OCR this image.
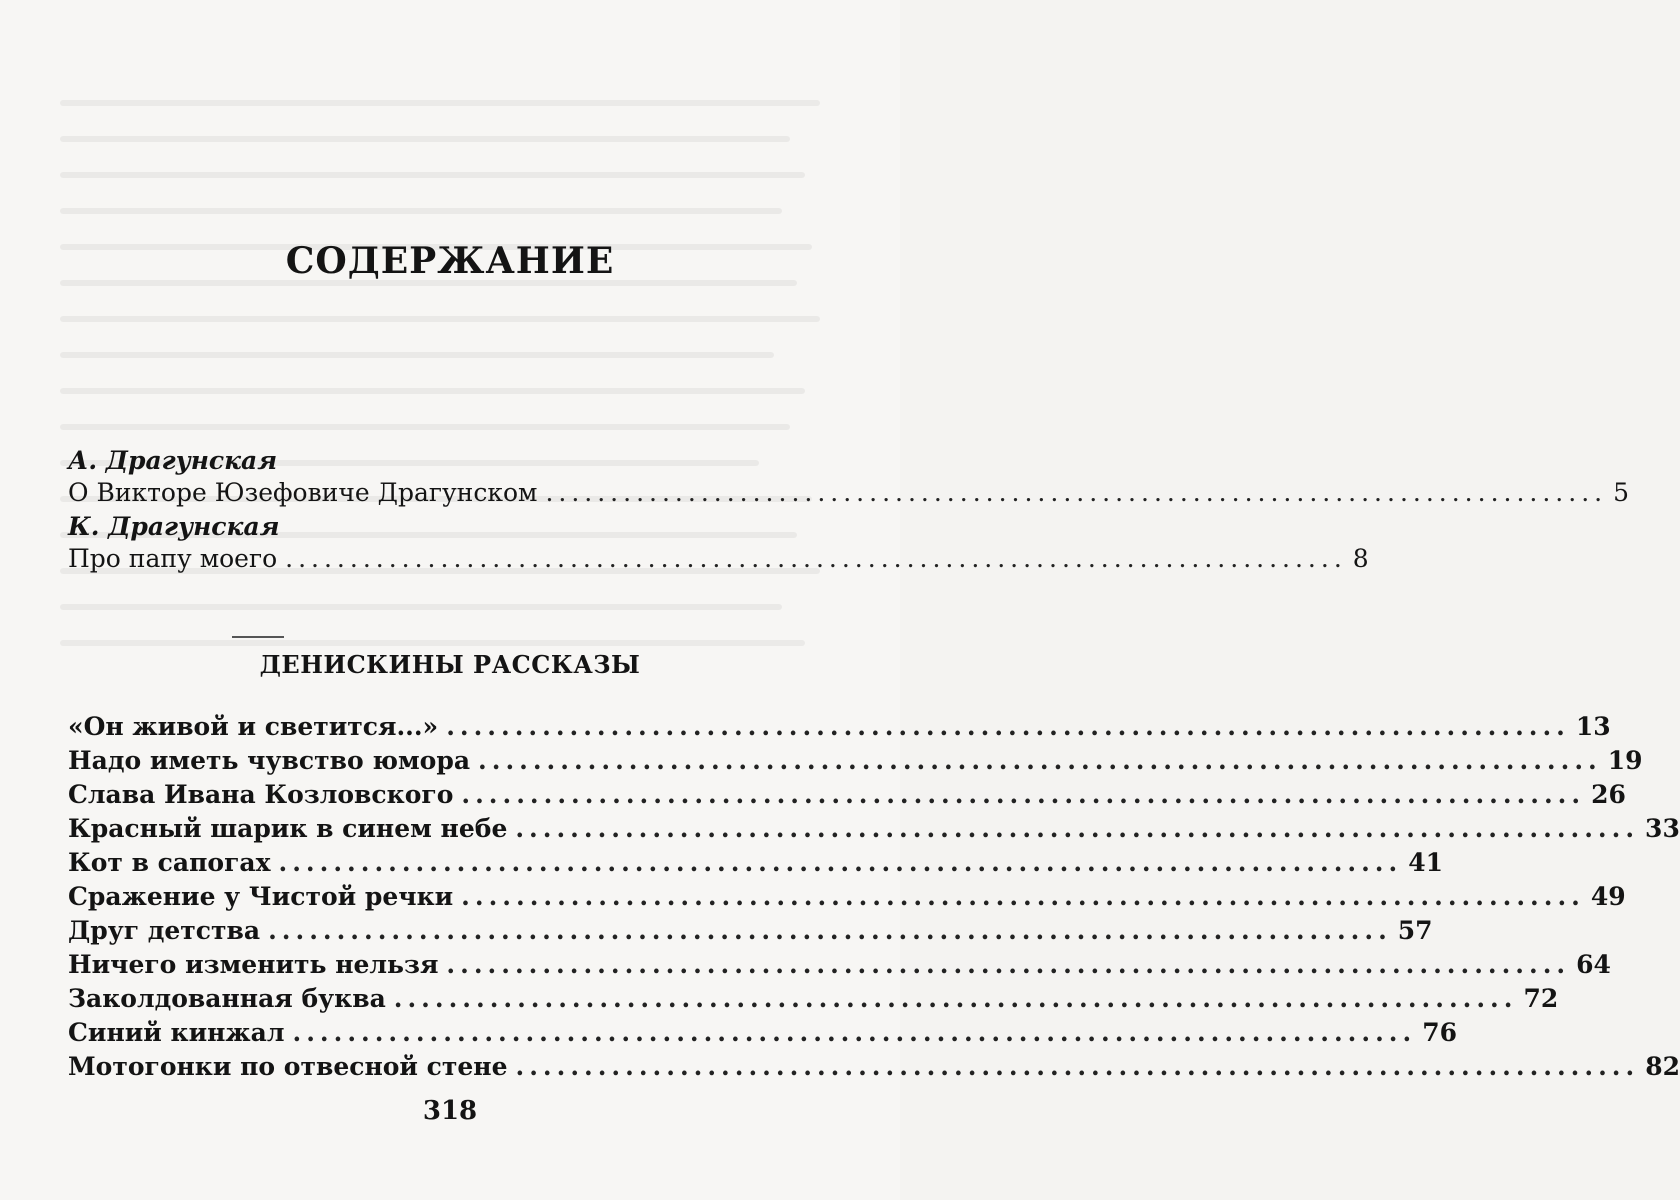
СОДЕРЖАНИЕ
А. Драгунская
О Викторе Юзефовиче Драгунском .................................................................................. 5
К. Драгунская
Про папу моего .................................................................................. 8
ДЕНИСКИНЫ РАССКАЗЫ
«Он живой и светится...» .................................................................................. 13
Надо иметь чувство юмора .................................................................................. 19
Слава Ивана Козловского .................................................................................. 26
Красный шарик в синем небе .................................................................................. 33
Кот в сапогах .................................................................................. 41
Сражение у Чистой речки .................................................................................. 49
Друг детства .................................................................................. 57
Ничего изменить нельзя .................................................................................. 64
Заколдованная буква .................................................................................. 72
Синий кинжал .................................................................................. 76
Мотогонки по отвесной стене .................................................................................. 82
318
